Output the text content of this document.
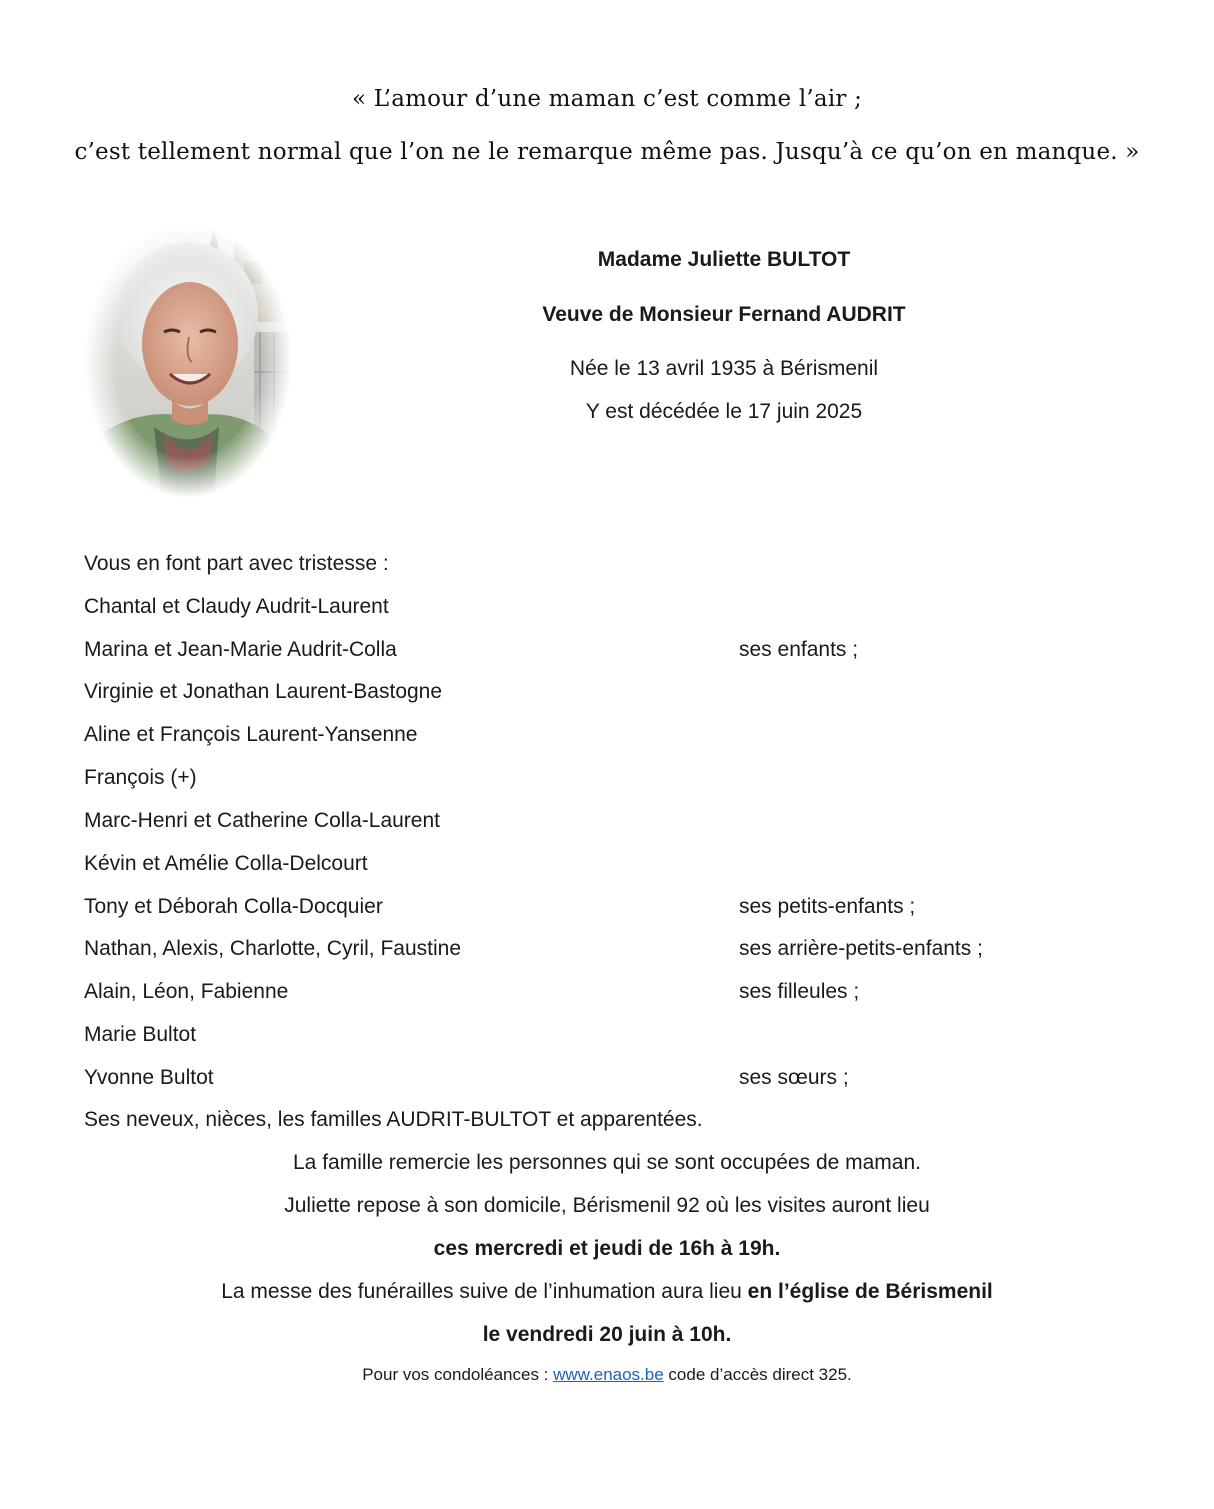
« L’amour d’une maman c’est comme l’air ;
c’est tellement normal que l’on ne le remarque même pas. Jusqu’à ce qu’on en manque. »
Madame Juliette BULTOT
Veuve de Monsieur Fernand AUDRIT
Née le 13 avril 1935 à Bérismenil
Y est décédée le 17 juin 2025
Vous en font part avec tristesse :
Chantal et Claudy Audrit-Laurent
Marina et Jean-Marie Audrit-Colla	ses enfants ;
Virginie et Jonathan Laurent-Bastogne
Aline et François Laurent-Yansenne
François (+)
Marc-Henri et Catherine Colla-Laurent
Kévin et Amélie Colla-Delcourt
Tony et Déborah Colla-Docquier	ses petits-enfants ;
Nathan, Alexis, Charlotte, Cyril, Faustine	ses arrière-petits-enfants ;
Alain, Léon, Fabienne	ses filleules ;
Marie Bultot
Yvonne Bultot	ses sœurs ;
Ses neveux, nièces, les familles AUDRIT-BULTOT et apparentées.
La famille remercie les personnes qui se sont occupées de maman.
Juliette repose à son domicile, Bérismenil 92 où les visites auront lieu
ces mercredi et jeudi de 16h à 19h.
La messe des funérailles suive de l’inhumation aura lieu en l’église de Bérismenil
le vendredi 20 juin à 10h.
Pour vos condoléances : www.enaos.be code d’accès direct 325.
